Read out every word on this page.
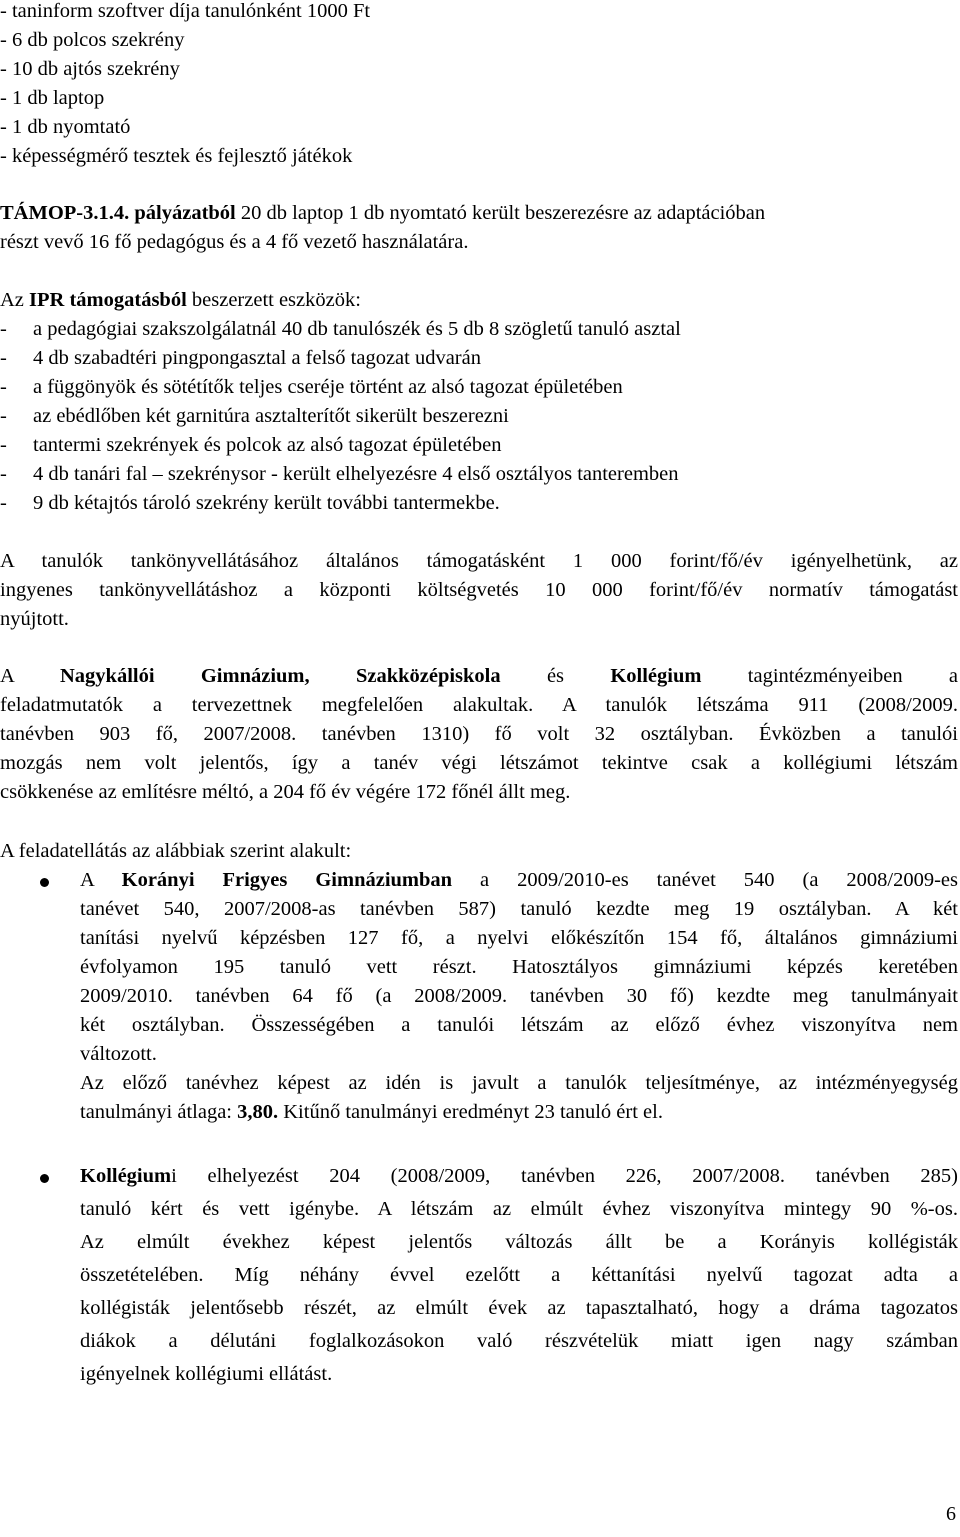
- taninform szoftver díja tanulónként 1000 Ft
- 6 db polcos szekrény
- 10 db ajtós szekrény
- 1 db laptop
- 1 db nyomtató
- képességmérő tesztek és fejlesztő játékok
TÁMOP-3.1.4. pályázatból 20 db laptop 1 db nyomtató került beszerezésre az adaptációban
részt vevő 16 fő pedagógus és a 4 fő vezető használatára.
Az IPR támogatásból beszerzett eszközök:
-	a pedagógiai szakszolgálatnál 40 db tanulószék és 5 db 8 szögletű tanuló asztal
-	4 db szabadtéri pingpongasztal a felső tagozat udvarán
-	a függönyök és sötétítők teljes cseréje történt az alsó tagozat épületében
-	az ebédlőben két garnitúra asztalterítőt sikerült beszerezni
-	tantermi szekrények és polcok az alsó tagozat épületében
-	4 db tanári fal – szekrénysor - került elhelyezésre 4 első osztályos tanteremben
-	9 db kétajtós tároló szekrény került további tantermekbe.
A tanulók tankönyvellátásához általános támogatásként 1 000 forint/fő/év igényelhetünk, az
ingyenes tankönyvellátáshoz a központi költségvetés 10 000 forint/fő/év normatív támogatást
nyújtott.
A Nagykállói Gimnázium, Szakközépiskola és Kollégium tagintézményeiben a
feladatmutatók a tervezettnek megfelelően alakultak. A tanulók létszáma 911 (2008/2009.
tanévben 903 fő, 2007/2008. tanévben 1310) fő volt 32 osztályban. Évközben a tanulói
mozgás nem volt jelentős, így a tanév végi létszámot tekintve csak a kollégiumi létszám
csökkenése az említésre méltó, a 204 fő év végére 172 főnél állt meg.
A feladatellátás az alábbiak szerint alakult:
A Korányi Frigyes Gimnáziumban a 2009/2010-es tanévet 540 (a 2008/2009-es
tanévet 540, 2007/2008-as tanévben 587) tanuló kezdte meg 19 osztályban. A két
tanítási nyelvű képzésben 127 fő, a nyelvi előkészítőn 154 fő, általános gimnáziumi
évfolyamon 195 tanuló vett részt. Hatosztályos gimnáziumi képzés keretében
2009/2010. tanévben 64 fő (a 2008/2009. tanévben 30 fő) kezdte meg tanulmányait
két osztályban. Összességében a tanulói létszám az előző évhez viszonyítva nem
változott.
Az előző tanévhez képest az idén is javult a tanulók teljesítménye, az intézményegység
tanulmányi átlaga: 3,80. Kitűnő tanulmányi eredményt 23 tanuló ért el.
Kollégiumi elhelyezést 204 (2008/2009, tanévben 226, 2007/2008. tanévben 285)
tanuló kért és vett igénybe. A létszám az elmúlt évhez viszonyítva mintegy 90 %-os.
Az elmúlt évekhez képest jelentős változás állt be a Korányis kollégisták
összetételében. Míg néhány évvel ezelőtt a kéttanítási nyelvű tagozat adta a
kollégisták jelentősebb részét, az elmúlt évek az tapasztalható, hogy a dráma tagozatos
diákok a délutáni foglalkozásokon való részvételük miatt igen nagy számban
igényelnek kollégiumi ellátást.
6
